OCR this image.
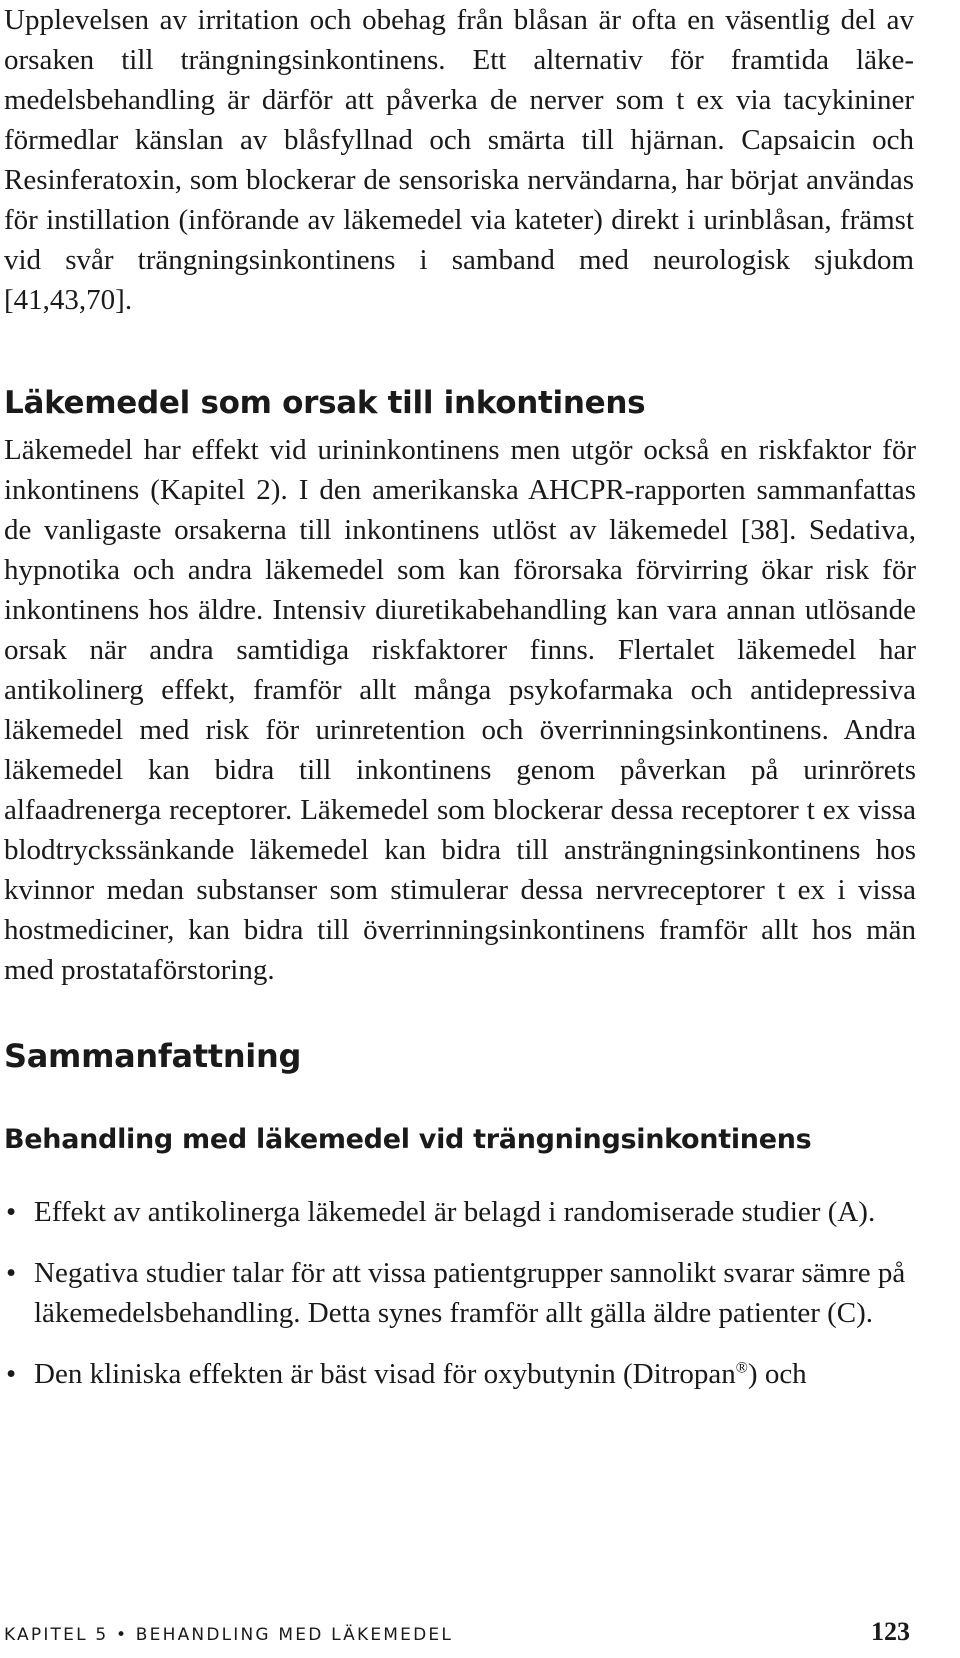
Upplevelsen av irritation och obehag från blåsan är ofta en väsentlig del av orsaken till trängningsinkontinens. Ett alternativ för framtida läkemedelsbehandling är därför att påverka de nerver som t ex via tacykininer förmedlar känslan av blåsfyllnad och smärta till hjärnan. Capsaicin och Resinferatoxin, som blockerar de sensoriska nervändarna, har börjat användas för instillation (införande av läkemedel via kateter) direkt i urinblåsan, främst vid svår trängningsinkontinens i samband med neurologisk sjukdom [41,43,70].

Läkemedel som orsak till inkontinens

Läkemedel har effekt vid urininkontinens men utgör också en riskfaktor för inkontinens (Kapitel 2). I den amerikanska AHCPR-rapporten sammanfattas de vanligaste orsakerna till inkontinens utlöst av läkemedel [38]. Sedativa, hypnotika och andra läkemedel som kan förorsaka förvirring ökar risk för inkontinens hos äldre. Intensiv diuretikabehandling kan vara annan utlösande orsak när andra samtidiga riskfaktorer finns. Flertalet läkemedel har antikolinerg effekt, framför allt många psykofarmaka och antidepressiva läkemedel med risk för urinretention och överrinningsinkontinens. Andra läkemedel kan bidra till inkontinens genom påverkan på urinrörets alfaadrenerga receptorer. Läkemedel som blockerar dessa receptorer t ex vissa blodtryckssänkande läkemedel kan bidra till ansträngningsinkontinens hos kvinnor medan substanser som stimulerar dessa nervreceptorer t ex i vissa hostmediciner, kan bidra till överrinningsinkontinens framför allt hos män med prostataförstoring.

Sammanfattning
Behandling med läkemedel vid trängningsinkontinens
• Effekt av antikolinerga läkemedel är belagd i randomiserade studier (A).
• Negativa studier talar för att vissa patientgrupper sannolikt svarar sämre på läkemedelsbehandling. Detta synes framför allt gälla äldre patienter (C).
• Den kliniska effekten är bäst visad för oxybutynin (Ditropan®) och
KAPITEL 5 • BEHANDLING MED LÄKEMEDEL	123
